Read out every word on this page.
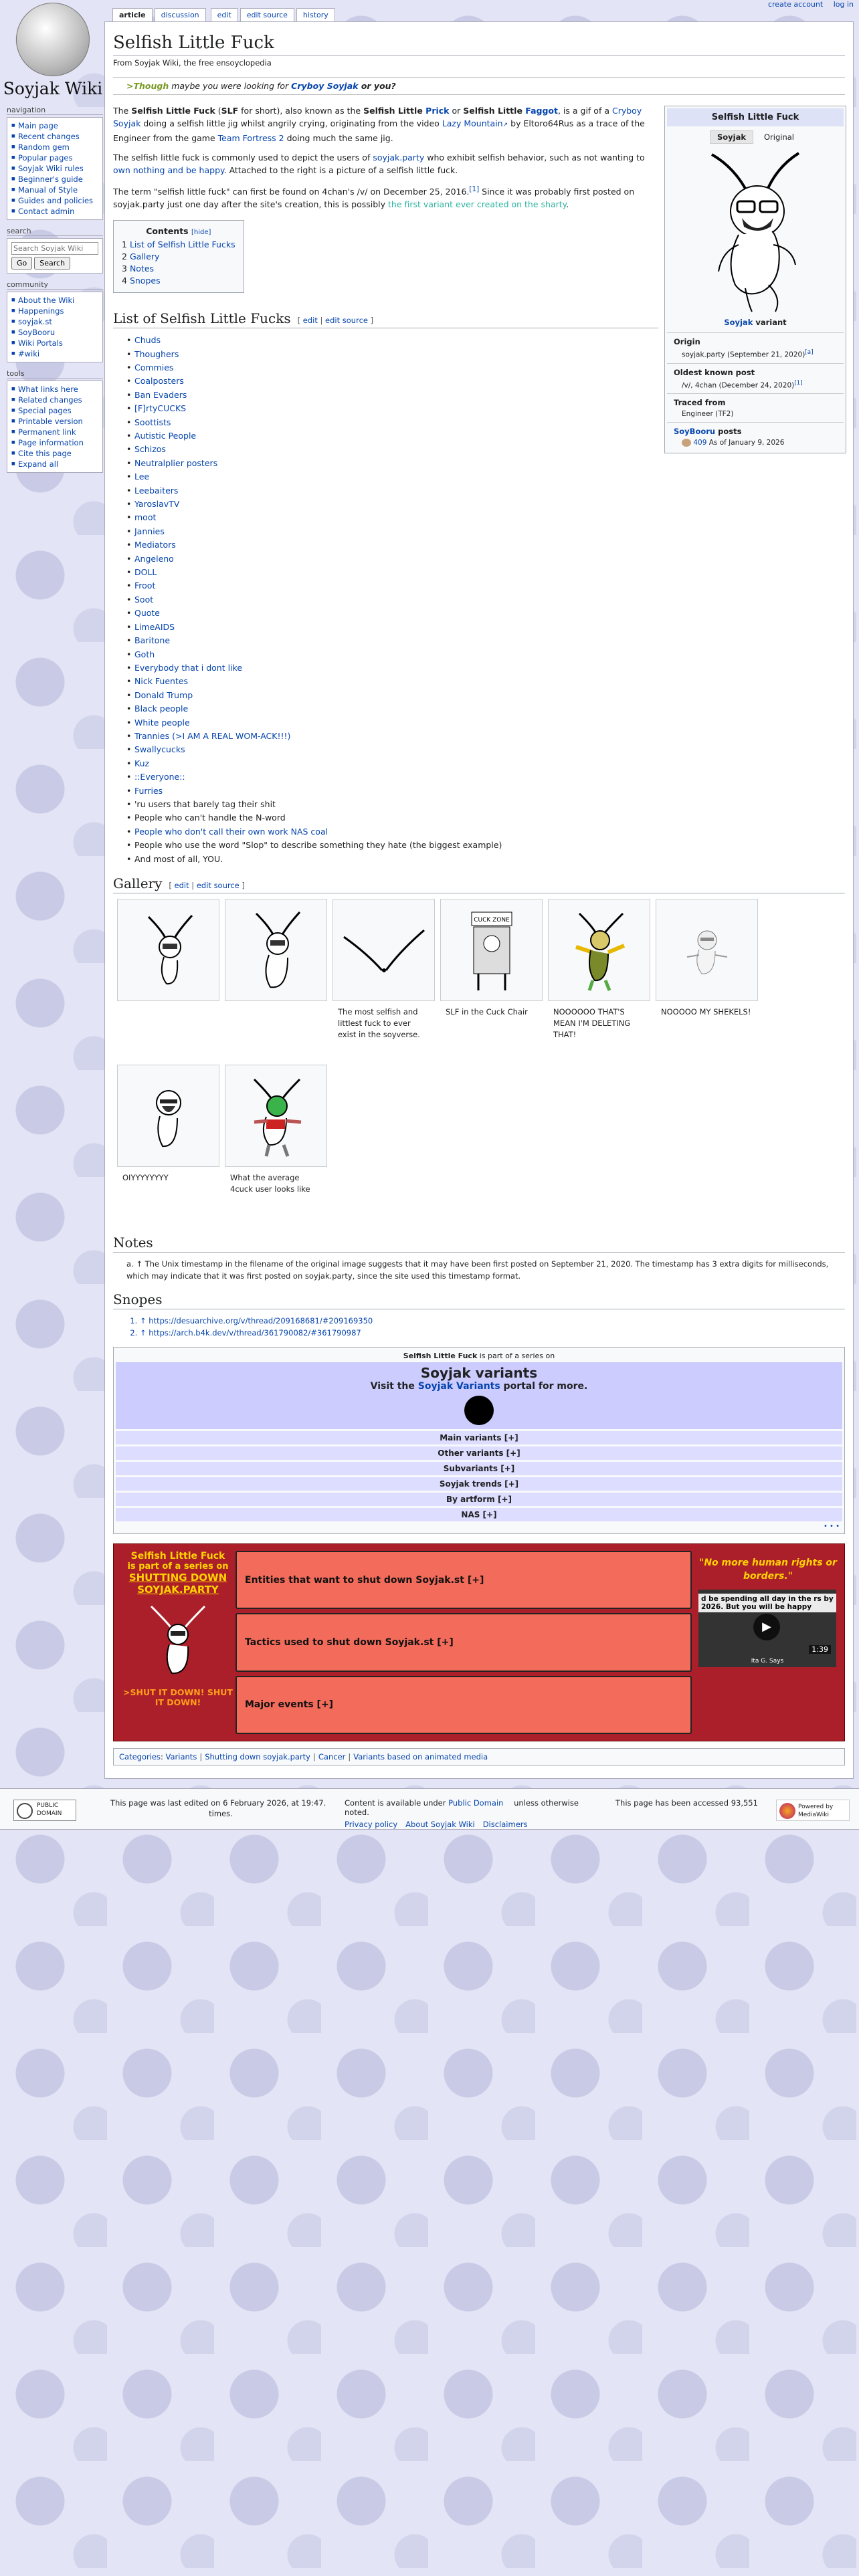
Soyjak Wiki
create account log in
article discussion edit edit source history
navigation
■ Main page
■ Recent changes
■ Random gem
■ Popular pages
■ Soyjak Wiki rules
■ Beginner's guide
■ Manual of Style
■ Guides and policies
■ Contact admin
search
Search Soyjak Wiki Go Search
community
■ About the Wiki
■ Happenings
■ soyjak.st
■ SoyBooru
■ Wiki Portals
■ #wiki
tools
■ What links here
■ Related changes
■ Special pages
■ Printable version
■ Permanent link
■ Page information
■ Cite this page
■ Expand all
Selfish Little Fuck
From Soyjak Wiki, the free ensoyclopedia
>Though maybe you were looking for Cryboy Soyjak or you?
Selfish Little Fuck
Soyjak Original
Soyjak variant
Origin
soyjak.party (September 21, 2020)[a]
Oldest known post
/v/, 4chan (December 24, 2020)[1]
Traced from
Engineer (TF2)
SoyBooru posts
409 As of January 9, 2026

The Selfish Little Fuck (SLF for short), also known as the Selfish Little Prick or Selfish Little Faggot, is a gif of a Cryboy Soyjak doing a selfish little jig whilst angrily crying, originating from the video Lazy Mountain↗ by Eltoro64Rus as a trace of the Engineer from the game Team Fortress 2 doing much the same jig.

The selfish little fuck is commonly used to depict the users of soyjak.party who exhibit selfish behavior, such as not wanting to own nothing and be happy. Attached to the right is a picture of a selfish little fuck.

The term "selfish little fuck" can first be found on 4chan's /v/ on December 25, 2016.[1] Since it was probably first posted on soyjak.party just one day after the site's creation, this is possibly the first variant ever created on the sharty.

Contents [hide]
1 List of Selfish Little Fucks
2 Gallery
3 Notes
4 Snopes
List of Selfish Little Fucks [ edit | edit source ]
• Chuds
• Thoughers
• Commies
• Coalposters
• Ban Evaders
• [F]rtyCUCKS
• Soottists
• Autistic People
• Schizos
• Neutralplier posters
• Lee
• Leebaiters
• YaroslavTV
• moot
• Jannies
• Mediators
• Angeleno
• DOLL
• Froot
• Soot
• Quote
• LimeAIDS
• Baritone
• Goth
• Everybody that i dont like
• Nick Fuentes
• Donald Trump
• Black people
• White people
• Trannies (>I AM A REAL WOM-ACK!!!)
• Swallycucks
• Kuz
• ::Everyone::
• Furries
• 'ru users that barely tag their shit
• People who can't handle the N-word
• People who don't call their own work NAS coal
• People who use the word "Slop" to describe something they hate (the biggest example)
• And most of all, YOU.
Gallery [ edit | edit source ]
The most selfish and littlest fuck to ever exist in the soyverse.
CUCK ZONE
SLF in the Cuck Chair	NOOOOOO THAT'S MEAN I'M DELETING THAT!
NOOOOO MY SHEKELS!
OIYYYYYYYY	What the average 4cuck user looks like
Notes

a. ↑ The Unix timestamp in the filename of the original image suggests that it may have been first posted on September 21, 2020. The timestamp has 3 extra digits for milliseconds, which may indicate that it was first posted on soyjak.party, since the site used this timestamp format.

Snopes
1. ↑ https://desuarchive.org/v/thread/209168681/#209169350
2. ↑ https://arch.b4k.dev/v/thread/361790082/#361790987
Selfish Little Fuck is part of a series on
Soyjak variants
Visit the Soyjak Variants portal for more.
Main variants [+]
Other variants [+]
Subvariants [+]
Soyjak trends [+]
By artform [+]
NAS [+]
• • •
Selfish Little Fuck
is part of a series on
SHUTTING DOWN SOYJAK.PARTY
>SHUT IT DOWN! SHUT IT DOWN!
Entities that want to shut down Soyjak.st [+]
Tactics used to shut down Soyjak.st [+]
Major events [+]
"No more human rights or borders."
d be spending all day in the rs by 2026. But you will be happy
▶
1:39
Ita G. Says
Categories: Variants | Shutting down soyjak.party | Cancer | Variants based on animated media
PUBLIC DOMAIN
This page was last edited on 6 February 2026, at 19:47.
times.
Content is available under Public Domain unless otherwise noted.
Privacy policy About Soyjak Wiki Disclaimers
This page has been accessed 93,551	Powered by MediaWiki
